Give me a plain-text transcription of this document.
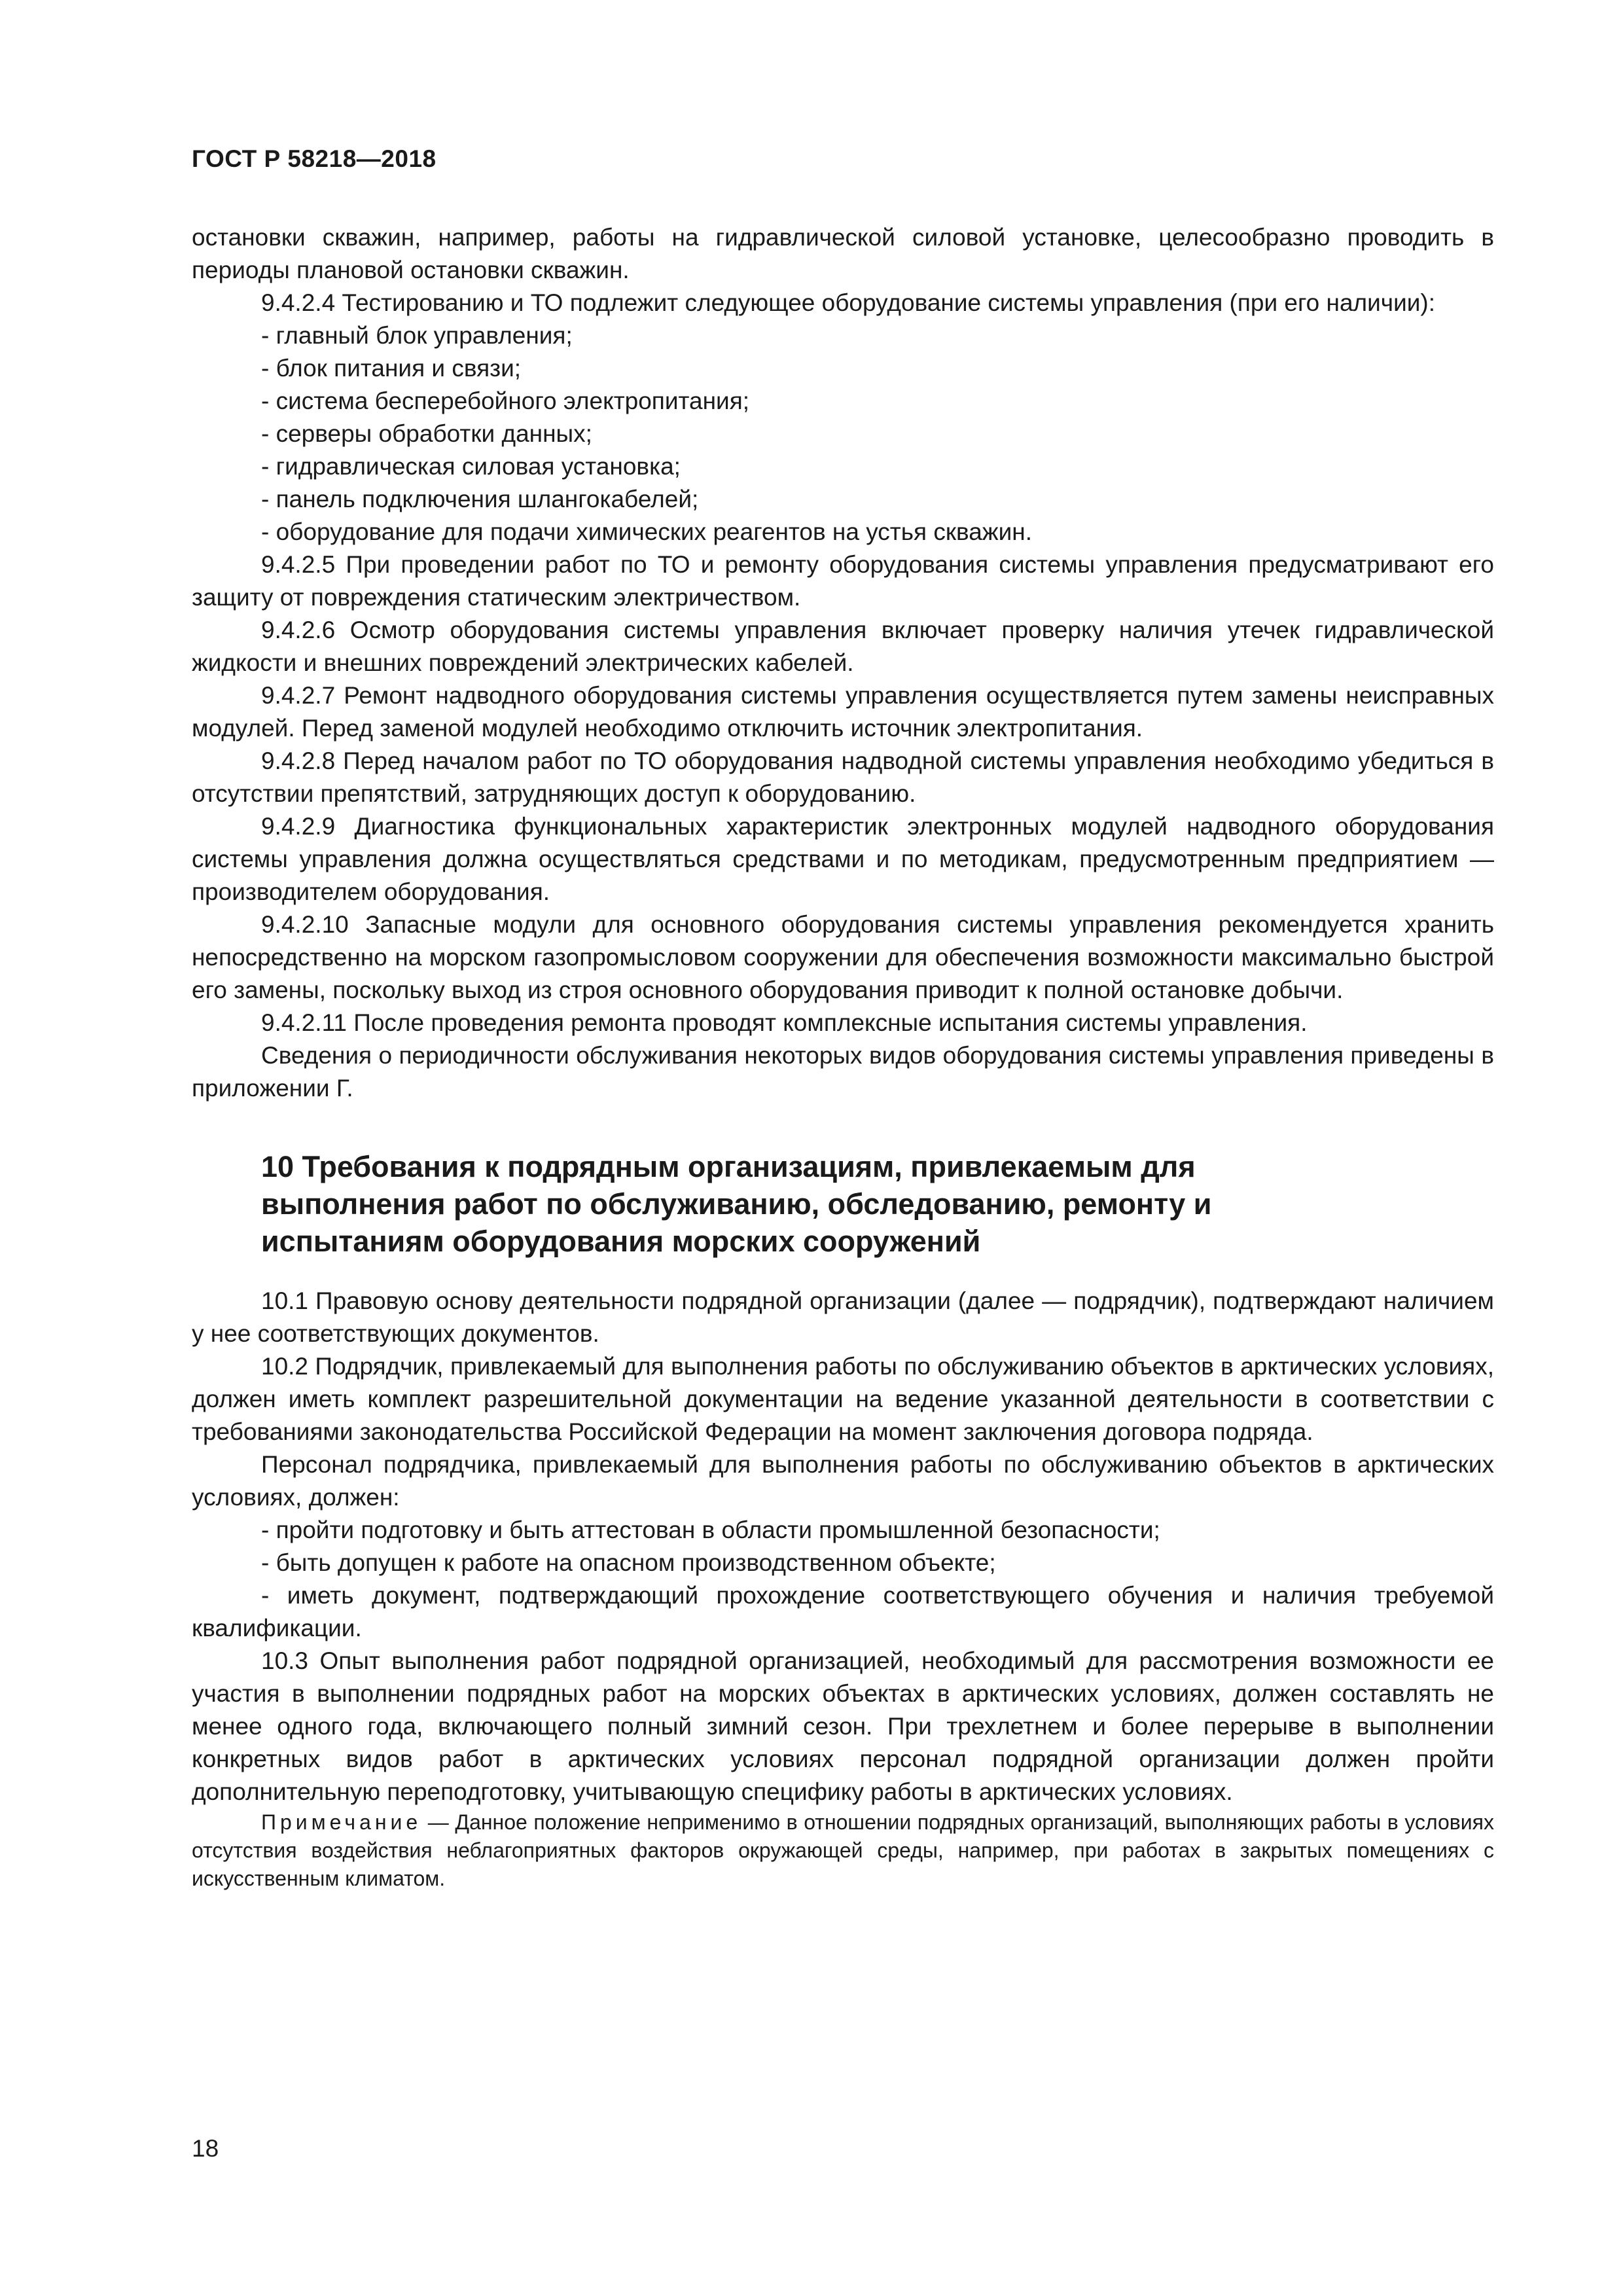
ГОСТ Р 58218—2018

остановки скважин, например, работы на гидравлической силовой установке, целесообразно проводить в периоды плановой остановки скважин.

9.4.2.4 Тестированию и ТО подлежит следующее оборудование системы управления (при его наличии):

- главный блок управления;

- блок питания и связи;

- система бесперебойного электропитания;

- серверы обработки данных;

- гидравлическая силовая установка;

- панель подключения шлангокабелей;

- оборудование для подачи химических реагентов на устья скважин.

9.4.2.5 При проведении работ по ТО и ремонту оборудования системы управления предусматривают его защиту от повреждения статическим электричеством.

9.4.2.6 Осмотр оборудования системы управления включает проверку наличия утечек гидравлической жидкости и внешних повреждений электрических кабелей.

9.4.2.7 Ремонт надводного оборудования системы управления осуществляется путем замены неисправных модулей. Перед заменой модулей необходимо отключить источник электропитания.

9.4.2.8 Перед началом работ по ТО оборудования надводной системы управления необходимо убедиться в отсутствии препятствий, затрудняющих доступ к оборудованию.

9.4.2.9 Диагностика функциональных характеристик электронных модулей надводного оборудования системы управления должна осуществляться средствами и по методикам, предусмотренным предприятием — производителем оборудования.

9.4.2.10 Запасные модули для основного оборудования системы управления рекомендуется хранить непосредственно на морском газопромысловом сооружении для обеспечения возможности максимально быстрой его замены, поскольку выход из строя основного оборудования приводит к полной остановке добычи.

9.4.2.11 После проведения ремонта проводят комплексные испытания системы управления.

Сведения о периодичности обслуживания некоторых видов оборудования системы управления приведены в приложении Г.

10 Требования к подрядным организациям, привлекаемым для выполнения работ по обслуживанию, обследованию, ремонту и испытаниям оборудования морских сооружений

10.1 Правовую основу деятельности подрядной организации (далее — подрядчик), подтверждают наличием у нее соответствующих документов.

10.2 Подрядчик, привлекаемый для выполнения работы по обслуживанию объектов в арктических условиях, должен иметь комплект разрешительной документации на ведение указанной деятельности в соответствии с требованиями законодательства Российской Федерации на момент заключения договора подряда.

Персонал подрядчика, привлекаемый для выполнения работы по обслуживанию объектов в арктических условиях, должен:

- пройти подготовку и быть аттестован в области промышленной безопасности;

- быть допущен к работе на опасном производственном объекте;

- иметь документ, подтверждающий прохождение соответствующего обучения и наличия требуемой квалификации.

10.3 Опыт выполнения работ подрядной организацией, необходимый для рассмотрения возможности ее участия в выполнении подрядных работ на морских объектах в арктических условиях, должен составлять не менее одного года, включающего полный зимний сезон. При трехлетнем и более перерыве в выполнении конкретных видов работ в арктических условиях персонал подрядной организации должен пройти дополнительную переподготовку, учитывающую специфику работы в арктических условиях.

Примечание — Данное положение неприменимо в отношении подрядных организаций, выполняющих работы в условиях отсутствия воздействия неблагоприятных факторов окружающей среды, например, при работах в закрытых помещениях с искусственным климатом.

18
